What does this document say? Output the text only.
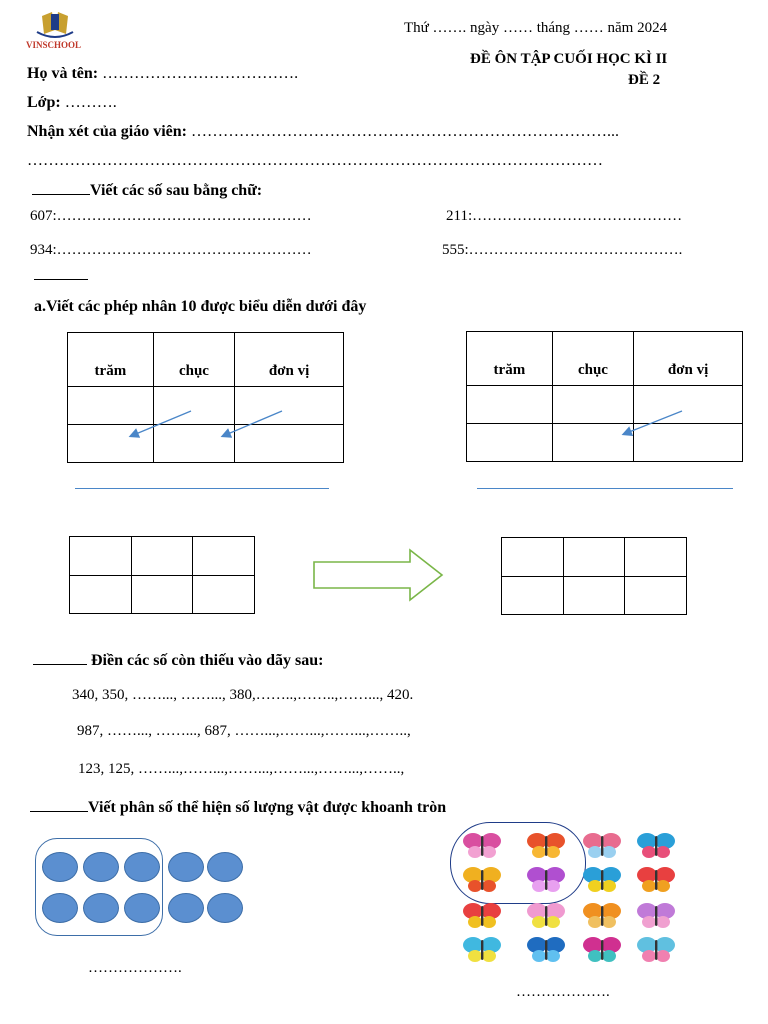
VINSCHOOL
Thứ ……. ngày …… tháng …… năm 2024
ĐỀ ÔN TẬP CUỐI HỌC KÌ II
ĐỀ 2
Họ và tên: ……………………………….
Lớp: ……….
Nhận xét của giáo viên: ……………………………………………………………………...
………………………………………………………………………………………………
Viết các số sau bằng chữ:
607:……………………………………………	211:……………………………………
934:……………………………………………	555:…………………………………….
a.Viết các phép nhân 10 được biểu diễn dưới đây
trăm	chục	đơn vị

			trăm	chục	đơn vị

Điền các số còn thiếu vào dãy sau:
340, 350, ……..., ……..., 380,……..,……..,……..., 420.
987, ……..., ……..., 687, ……...,……...,……...,……..,
123, 125, ……...,……...,……...,……...,……...,……..,
Viết phân số thể hiện số lượng vật được khoanh tròn
……………….
……………….
